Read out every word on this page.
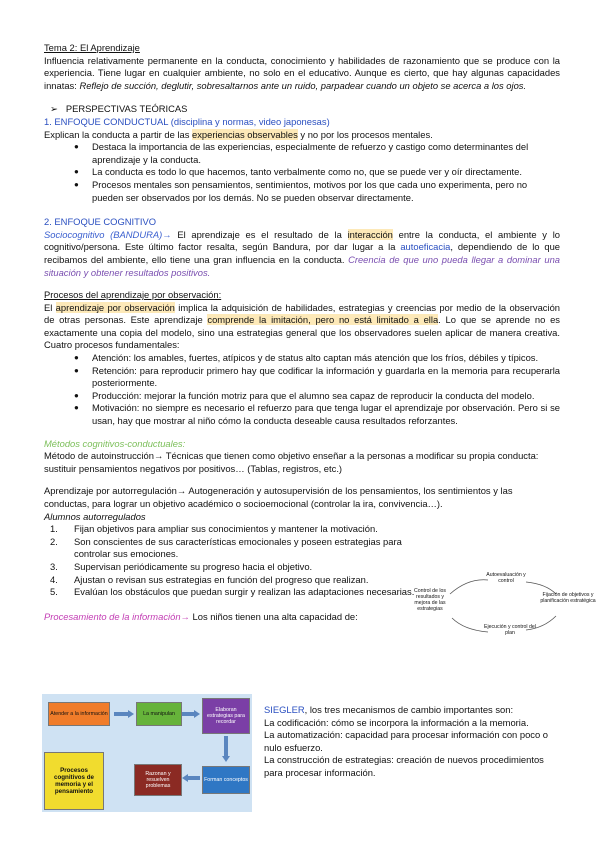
Tema 2: El Aprendizaje

Influencia relativamente permanente en la conducta, conocimiento y habilidades de razonamiento que se produce con la experiencia. Tiene lugar en cualquier ambiente, no solo en el educativo. Aunque es cierto, que hay algunas capacidades innatas: Reflejo de succión, deglutir, sobresaltarnos ante un ruido, parpadear cuando un objeto se acerca a los ojos.

➢ PERSPECTIVAS TEÓRICAS

1. ENFOQUE CONDUCTUAL (disciplina y normas, video japonesas)

Explican la conducta a partir de las experiencias observables y no por los procesos mentales.

● Destaca la importancia de las experiencias, especialmente de refuerzo y castigo como determinantes del aprendizaje y la conducta.
● La conducta es todo lo que hacemos, tanto verbalmente como no, que se puede ver y oír directamente.
● Procesos mentales son pensamientos, sentimientos, motivos por los que cada uno experimenta, pero no pueden ser observados por los demás. No se pueden observar directamente.

2. ENFOQUE COGNITIVO

Sociocognitivo (BANDURA)→ El aprendizaje es el resultado de la interacción entre la conducta, el ambiente y lo cognitivo/persona. Este último factor resalta, según Bandura, por dar lugar a la autoeficacia, dependiendo de lo que recibamos del ambiente, ello tiene una gran influencia en la conducta. Creencia de que uno pueda llegar a dominar una situación y obtener resultados positivos.

Procesos del aprendizaje por observación:

El aprendizaje por observación implica la adquisición de habilidades, estrategias y creencias por medio de la observación de otras personas. Este aprendizaje comprende la imitación, pero no está limitado a ella. Lo que se aprende no es exactamente una copia del modelo, sino una estrategias general que los observadores suelen aplicar de manera creativa. Cuatro procesos fundamentales:

● Atención: los amables, fuertes, atípicos y de status alto captan más atención que los fríos, débiles y típicos.
● Retención: para reproducir primero hay que codificar la información y guardarla en la memoria para recuperarla posteriormente.
● Producción: mejorar la función motriz para que el alumno sea capaz de reproducir la conducta del modelo.
● Motivación: no siempre es necesario el refuerzo para que tenga lugar el aprendizaje por observación. Pero si se usan, hay que mostrar al niño cómo la conducta deseable causa resultados reforzantes.

Métodos cognitivos-conductuales:

Método de autoinstrucción→ Técnicas que tienen como objetivo enseñar a la personas a modificar su propia conducta: sustituir pensamientos negativos por positivos… (Tablas, registros, etc.)

Aprendizaje por autorregulación→ Autogeneración y autosupervisión de los pensamientos, los sentimientos y las conductas, para lograr un objetivo académico o socioemocional (controlar la ira, convivencia…).

Alumnos autorregulados

1. Fijan objetivos para ampliar sus conocimientos y mantener la motivación.
2. Son conscientes de sus características emocionales y poseen estrategias para controlar sus emociones.
3. Supervisan periódicamente su progreso hacia el objetivo.
4. Ajustan o revisan sus estrategias en función del progreso que realizan.
5. Evalúan los obstáculos que puedan surgir y realizan las adaptaciones necesarias.

Procesamiento de la información→ Los niños tienen una alta capacidad de:

Autoevaluación y control
Fijación de objetivos y planificación estratégica
Ejecución y control del plan
Control de los resultados y mejora de las estrategias
Atender a la información	La manipulan
Elaboran estrategias para recordar
Procesos cognitivos de memoria y el pensamiento
Razonan y resuelven problemas
Forman conceptos

SIEGLER, los tres mecanismos de cambio importantes son:

La codificación: cómo se incorpora la información a la memoria.

La automatización: capacidad para procesar información con poco o nulo esfuerzo.

La construcción de estrategias: creación de nuevos procedimientos para procesar información.
